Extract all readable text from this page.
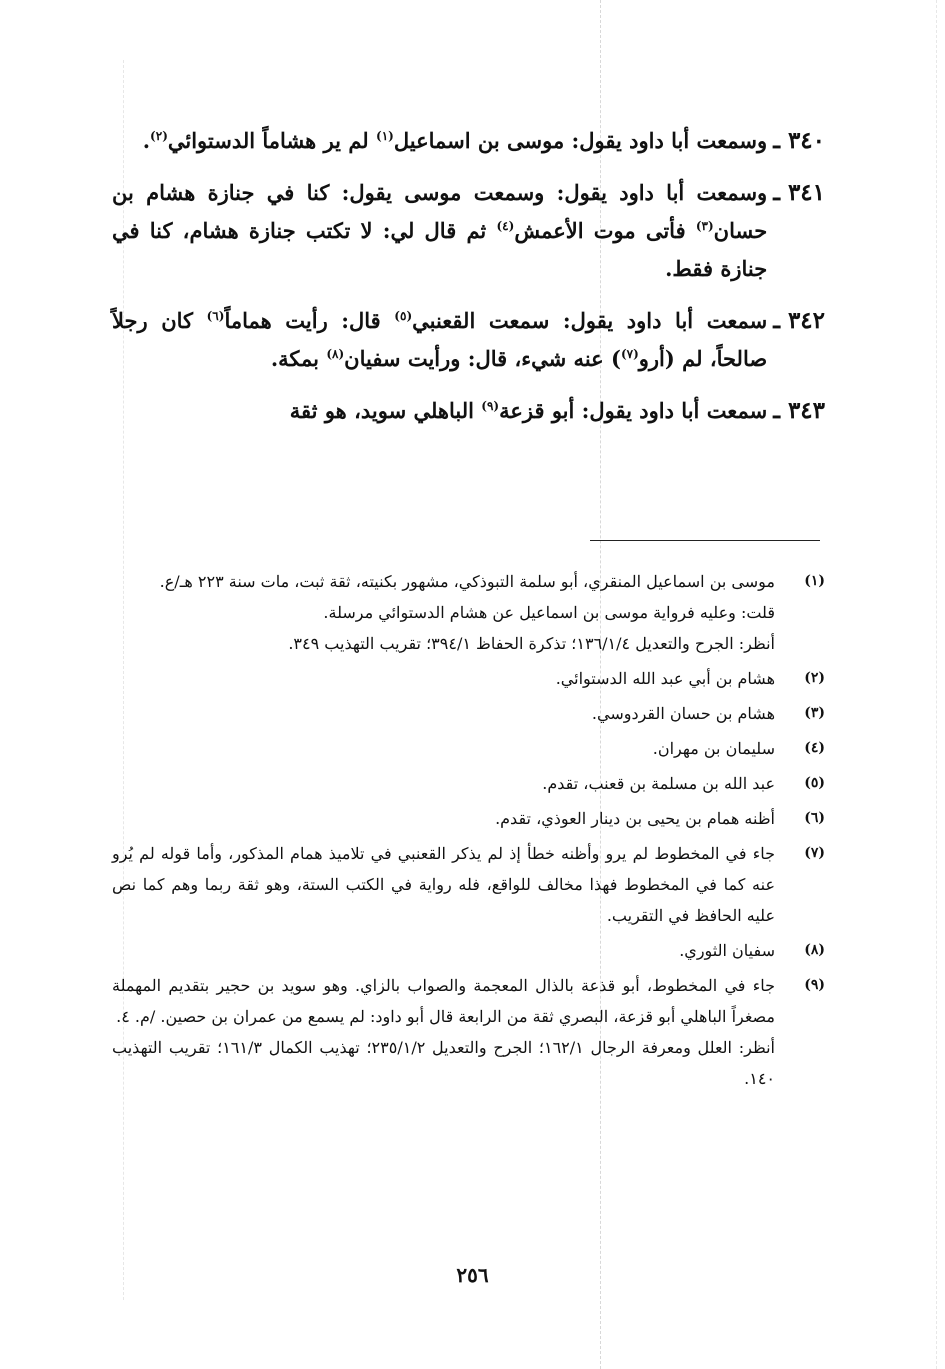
٣٤٠ ـ
وسمعت أبا داود يقول: موسى بن اسماعيل$^{(١)}$ لم ير هشاماً الدستوائي$^{(٢)}$.
٣٤١ ـ
وسمعت أبا داود يقول: وسمعت موسى يقول: كنا في جنازة هشام بن حسان$^{(٣)}$ فأتى موت الأعمش$^{(٤)}$ ثم قال لي: لا تكتب جنازة هشام، كنا في جنازة فقط.
٣٤٢ ـ
سمعت أبا داود يقول: سمعت القعنبي$^{(٥)}$ قال: رأيت هماماً$^{(٦)}$ كان رجلاً صالحاً، لم (أرو$^{(٧)}$) عنه شيء، قال: ورأيت سفيان$^{(٨)}$ بمكة.
٣٤٣ ـ
سمعت أبا داود يقول: أبو قزعة$^{(٩)}$ الباهلي سويد، هو ثقة
(١)

موسى بن اسماعيل المنقري، أبو سلمة التبوذكي، مشهور بكنيته، ثقة ثبت، مات سنة ٢٢٣ هـ/ع.

قلت: وعليه فرواية موسى بن اسماعيل عن هشام الدستوائي مرسلة.

أنظر: الجرح والتعديل ١٣٦/١/٤؛ تذكرة الحفاظ ٣٩٤/١؛ تقريب التهذيب ٣٤٩.

(٢)

هشام بن أبي عبد الله الدستوائي.

(٣)

هشام بن حسان القردوسي.

(٤)

سليمان بن مهران.

(٥)

عبد الله بن مسلمة بن قعنب، تقدم.

(٦)

أظنه همام بن يحيى بن دينار العوذي، تقدم.

(٧)

جاء في المخطوط لم يرو وأظنه خطأ إذ لم يذكر القعنبي في تلاميذ همام المذكور، وأما قوله لم يُرو عنه كما في المخطوط فهذا مخالف للواقع، فله رواية في الكتب الستة، وهو ثقة ربما وهم كما نص عليه الحافظ في التقريب.

(٨)

سفيان الثوري.

(٩)

جاء في المخطوط، أبو قذعة بالذال المعجمة والصواب بالزاي. وهو سويد بن حجير بتقديم المهملة مصغراً الباهلي أبو قزعة، البصري ثقة من الرابعة قال أبو داود: لم يسمع من عمران بن حصين. /م. ٤.

أنظر: العلل ومعرفة الرجال ١٦٢/١؛ الجرح والتعديل ٢٣٥/١/٢؛ تهذيب الكمال ١٦١/٣؛ تقريب التهذيب ١٤٠.

٢٥٦
